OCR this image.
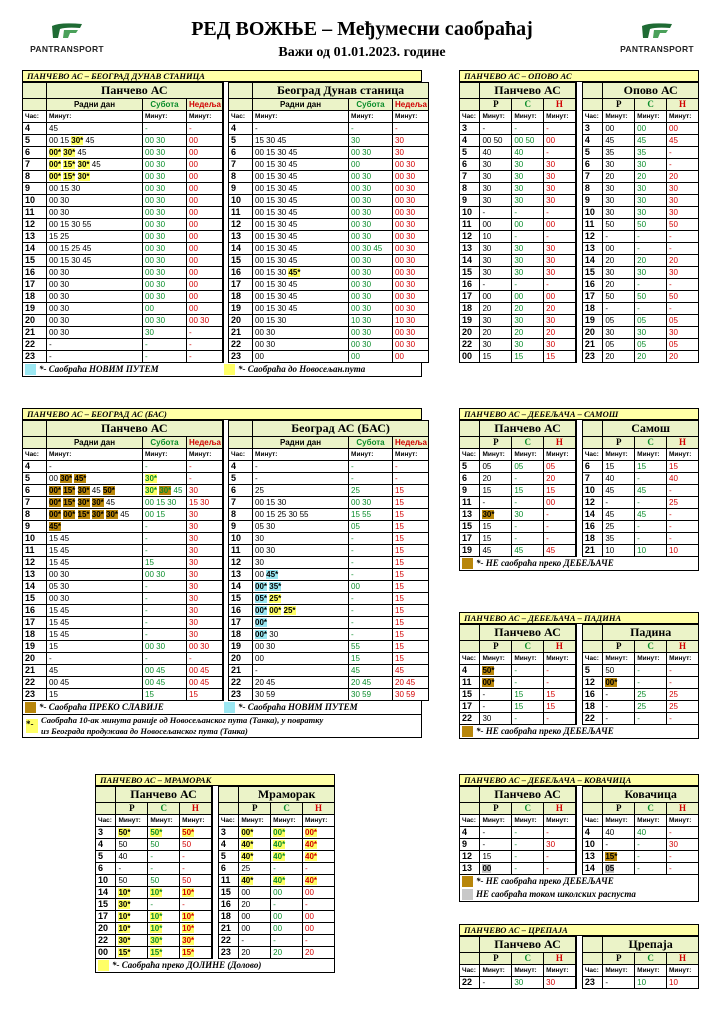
PANTRANSPORT	PANTRANSPORT
РЕД ВОЖЊЕ – Међумесни саобраћај
Важи од 01.01.2023. године
ПАНЧЕВО АС – БЕОГРАД ДУНАВ СТАНИЦА
	Панчево АС					Београд Дунав станица		
	Радни дан	Субота	Недеља			Радни дан	Субота	Недеља
Час:	Минут:	Минут:	Минут:		Час:	Минут:	Минут:	Минут:
4	45	-	-		4	-	-	-
5	00 15 30* 45	00 30	00		5	15 30 45	30	30
6	00* 30* 45	00 30	00		6	00 15 30 45	00 30	30
7	00* 15* 30* 45	00 30	00		7	00 15 30 45	00	00 30
8	00* 15* 30*	00 30	00		8	00 15 30 45	00 30	00 30
9	00 15 30	00 30	00		9	00 15 30 45	00 30	00 30
10	00 30	00 30	00		10	00 15 30 45	00 30	00 30
11	00 30	00 30	00		11	00 15 30 45	00 30	00 30
12	00 15 30 55	00 30	00		12	00 15 30 45	00 30	00 30
13	15 25	00 30	00		13	00 15 30 45	00 30	00 30
14	00 15 25 45	00 30	00		14	00 15 30 45	00 30 45	00 30
15	00 15 30 45	00 30	00		15	00 15 30 45	00 30	00 30
16	00 30	00 30	00		16	00 15 30 45*	00 30	00 30
17	00 30	00 30	00		17	00 15 30 45	00 30	00 30
18	00 30	00 30	00		18	00 15 30 45	00 30	00 30
19	00 30	00	00		19	00 15 30 45	00 30	00 30
20	00 30	00 30	00 30		20	00 15 30	10 30	10 30
21	00 30	30	-		21	00 30	00 30	00 30
22	-	-	-		22	00 30	00 30	00 30
23	-	-	-		23	00	00	00
*- Саобраћа НОВИМ ПУТЕМ	*- Саобраћа до Новосељан.пута
ПАНЧЕВО АС – БЕОГРАД АС (БАС)
	Панчево АС					Београд АС (БАС)		
	Радни дан	Субота	Недеља			Радни дан	Субота	Недеља
Час:	Минут:	Минут:	Минут:		Час:	Минут:	Минут:	Минут:
4	-	-	-		4	-	-	-
5	00 30* 45*	30*	-		5	-	-	-
6	00* 15* 30* 45 50*	30* 30* 45	30		6	25	25	15
7	00* 15* 30* 30* 45	00 15 30	15 30		7	00 15 30	00 30	15
8	00* 00* 15* 30* 30* 45	00 15	30		8	00 15 25 30 55	15 55	15
9	45*	-	30		9	05 30	05	15
10	15 45	-	30		10	30	-	15
11	15 45	-	30		11	00 30	-	15
12	15 45	15	30		12	30	-	15
13	00 30	00 30	30		13	00 45*	-	15
14	05 30	-	30		14	00* 35*	00	15
15	00 30	-	30		15	05* 25*	-	15
16	15 45	-	30		16	00* 00* 25*	-	15
17	15 45	-	30		17	00*	-	15
18	15 45	-	30		18	00* 30	-	15
19	15	00 30	00 30		19	00 30	55	15
20	-	-	-		20	00	15	15
21	45	00 45	00 45		21	-	45	45
22	00 45	00 45	00 45		22	20 45	20 45	20 45
23	15	15	15		23	30 59	30 59	30 59
*- Саобраћа ПРЕКО СЛАВИЈЕ	*- Саобраћа НОВИМ ПУТЕМ
*- Саобраћа 10-ак минута раније од Новосељанског пута (Танка), у повратку
из Београда продужава до Новосељанског пута (Танка)
ПАНЧЕВО АС – МРАМОРАК
	Панчево АС					Мраморак		
	Р	С	Н			Р	С	Н
Час:	Минут:	Минут:	Минут:		Час:	Минут:	Минут:	Минут:
3	50*	50*	50*		3	00*	00*	00*
4	50	50	50		4	40*	40*	40*
5	40	-	-		5	40*	40*	40*
6	-	-	-		6	25	-	-
10	50	50	50		11	40*	40*	40*
14	10*	10*	10*		15	00	00	00
15	30*	-	-		16	20	-	-
17	10*	10*	10*		18	00	00	00
20	10*	10*	10*		21	00	00	00
22	30*	30*	30*		22	-	-	-
00	15*	15*	15*		23	20	20	20
*- Саобраћа преко ДОЛИНЕ (Долово)
ПАНЧЕВО АС – ОПОВО АС
	Панчево АС					Опово АС		
	Р	С	Н			Р	С	Н
Час:	Минут:	Минут:	Минут:		Час:	Минут:	Минут:	Минут:
3	-	-	-		3	00	00	00
4	00 50	00 50	00		4	45	45	45
5	40	40	-		5	35	35	-
6	30	30	30		6	30	30	-
7	30	30	30		7	20	20	20
8	30	30	30		8	30	30	30
9	30	30	30		9	30	30	30
10	-	-	-		10	30	30	30
11	00	00	00		11	50	50	50
12	10	-	-		12	-	-	-
13	30	30	30		13	00	-	-
14	30	30	30		14	20	20	20
15	30	30	30		15	30	30	30
16	-	-	-		16	20	-	-
17	00	00	00		17	50	50	50
18	20	20	20		18	-	-	-
19	30	30	30		19	05	05	05
20	20	20	20		20	30	30	30
22	30	30	30		21	05	05	05
00	15	15	15		23	20	20	20
ПАНЧЕВО АС – ДЕБЕЉАЧА – САМОШ
	Панчево АС					Самош		
	Р	С	Н			Р	С	Н
Час:	Минут:	Минут:	Минут:		Час:	Минут:	Минут:	Минут:
5	05	05	05		6	15	15	15
6	20	-	20		7	40	-	40
9	15	15	15		10	45	45	-
11	-	-	00		12	-	-	25
13	30*	30	-		14	45	45	-
15	15	-	-		16	25	-	-
17	15	-	-		18	35	-	-
19	45	45	45		21	10	10	10
*- НЕ саобраћа преко ДЕБЕЉАЧЕ
ПАНЧЕВО АС – ДЕБЕЉАЧА – ПАДИНА
	Панчево АС					Падина		
	Р	С	Н			Р	С	Н
Час:	Минут:	Минут:	Минут:		Час:	Минут:	Минут:	Минут:
4	50*	-	-		5	50	-	-
11	00*	-	-		12	00*	-	-
15	-	15	15		16	-	25	25
17	-	15	15		18	-	25	25
22	30	-	-		22	-	-	-
*- НЕ саобраћа преко ДЕБЕЉАЧЕ
ПАНЧЕВО АС – ДЕБЕЉАЧА – КОВАЧИЦА
	Панчево АС					Ковачица		
	Р	С	Н			Р	С	Н
Час:	Минут:	Минут:	Минут:		Час:	Минут:	Минут:	Минут:
4	-	-	-		4	40	40	-
9	-	-	30		10	-	-	30
12	15	-	-		13	15*	-	-
13	00	-	-		14	05	-	-
*- НЕ саобраћа преко ДЕБЕЉАЧЕ
НЕ саобраћа током школских распуста
ПАНЧЕВО АС – ЦРЕПАЈА
	Панчево АС					Црепаја		
	Р	С	Н			Р	С	Н
Час:	Минут:	Минут:	Минут:		Час:	Минут:	Минут:	Минут:
22	-	30	30		23	-	10	10
